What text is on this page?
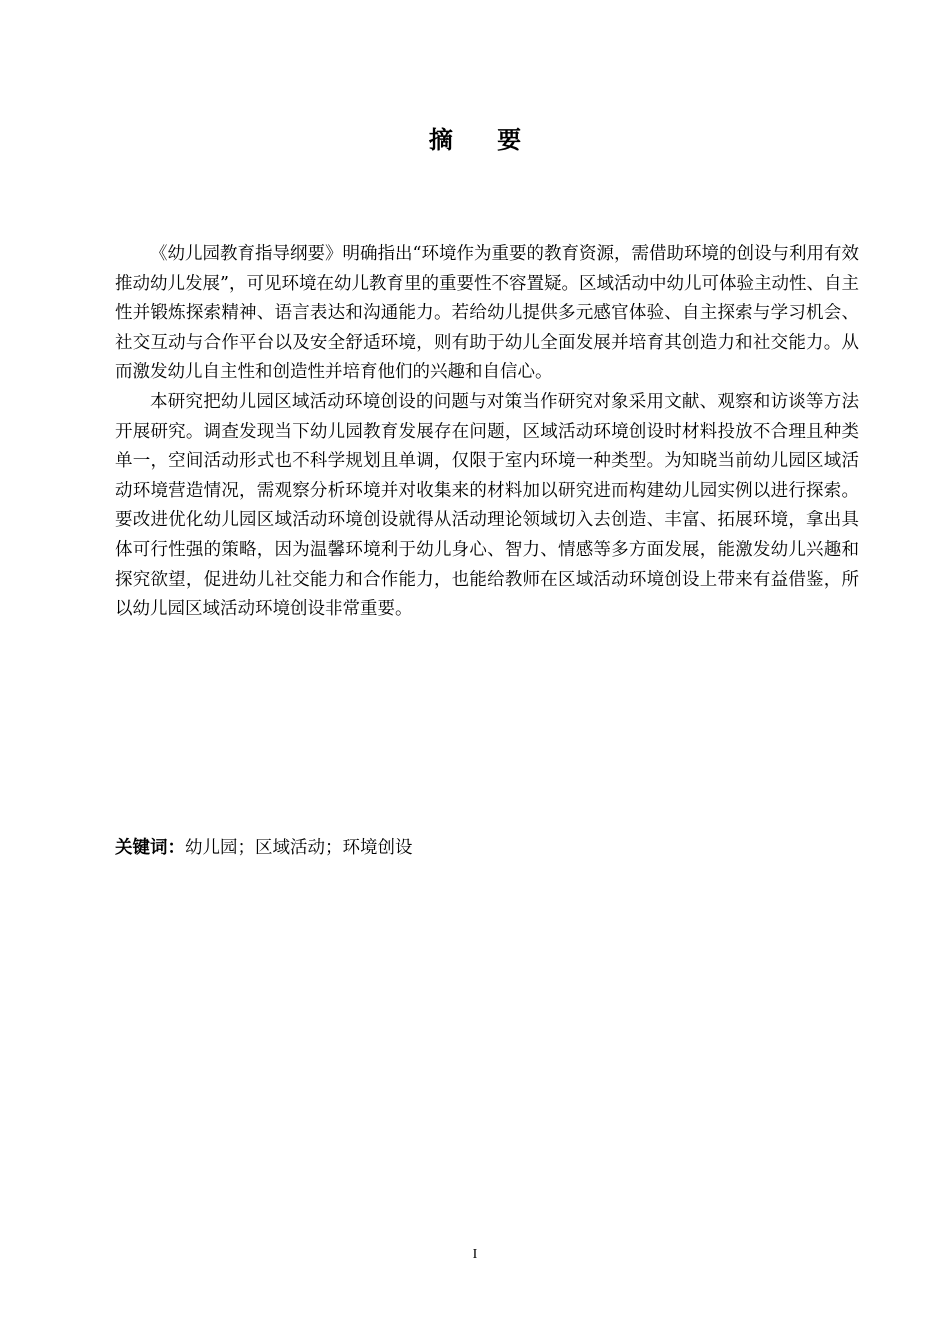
摘 要

《幼儿园教育指导纲要》明确指出“环境作为重要的教育资源，需借助环境的创设与利用有效推动幼儿发展”，可见环境在幼儿教育里的重要性不容置疑。区域活动中幼儿可体验主动性、自主性并锻炼探索精神、语言表达和沟通能力。若给幼儿提供多元感官体验、自主探索与学习机会、社交互动与合作平台以及安全舒适环境，则有助于幼儿全面发展并培育其创造力和社交能力。从而激发幼儿自主性和创造性并培育他们的兴趣和自信心。

本研究把幼儿园区域活动环境创设的问题与对策当作研究对象采用文献、观察和访谈等方法开展研究。调查发现当下幼儿园教育发展存在问题，区域活动环境创设时材料投放不合理且种类单一，空间活动形式也不科学规划且单调，仅限于室内环境一种类型。为知晓当前幼儿园区域活动环境营造情况，需观察分析环境并对收集来的材料加以研究进而构建幼儿园实例以进行探索。要改进优化幼儿园区域活动环境创设就得从活动理论领域切入去创造、丰富、拓展环境，拿出具体可行性强的策略，因为温馨环境利于幼儿身心、智力、情感等多方面发展，能激发幼儿兴趣和探究欲望，促进幼儿社交能力和合作能力，也能给教师在区域活动环境创设上带来有益借鉴，所以幼儿园区域活动环境创设非常重要。

关键词：幼儿园；区域活动；环境创设
I
